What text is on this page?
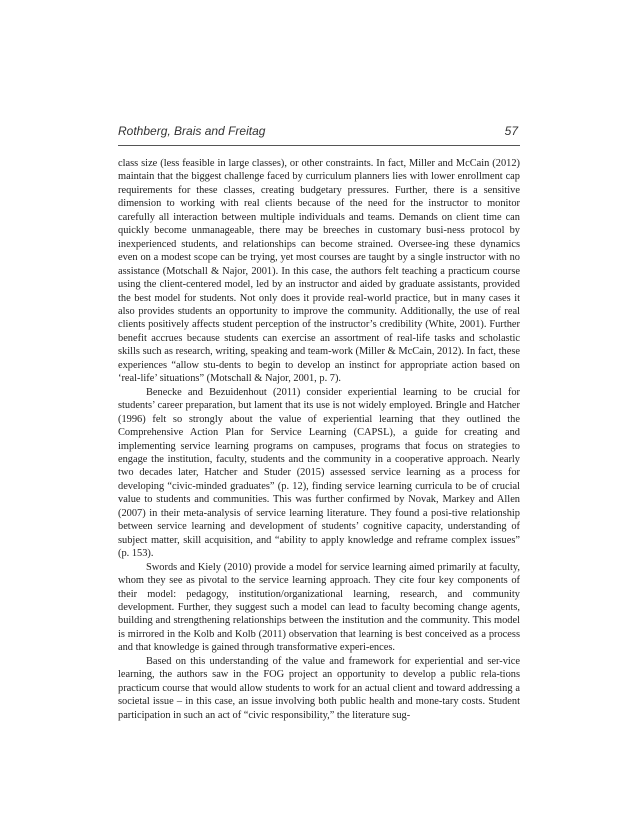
Rothberg, Brais and Freitag	57

class size (less feasible in large classes), or other constraints. In fact, Miller and McCain (2012) maintain that the biggest challenge faced by curriculum planners lies with lower enrollment cap requirements for these classes, creating budgetary pressures. Further, there is a sensitive dimension to working with real clients because of the need for the instructor to monitor carefully all interaction between multiple individuals and teams. Demands on client time can quickly become unmanageable, there may be breeches in customary busi-ness protocol by inexperienced students, and relationships can become strained. Oversee-ing these dynamics even on a modest scope can be trying, yet most courses are taught by a single instructor with no assistance (Motschall & Najor, 2001). In this case, the authors felt teaching a practicum course using the client-centered model, led by an instructor and aided by graduate assistants, provided the best model for students. Not only does it provide real-world practice, but in many cases it also provides students an opportunity to improve the community. Additionally, the use of real clients positively affects student perception of the instructor’s credibility (White, 2001). Further benefit accrues because students can exercise an assortment of real-life tasks and scholastic skills such as research, writing, speaking and team-work (Miller & McCain, 2012). In fact, these experiences “allow stu-dents to begin to develop an instinct for appropriate action based on ‘real-life’ situations” (Motschall & Najor, 2001, p. 7).

Benecke and Bezuidenhout (2011) consider experiential learning to be crucial for students’ career preparation, but lament that its use is not widely employed. Bringle and Hatcher (1996) felt so strongly about the value of experiential learning that they outlined the Comprehensive Action Plan for Service Learning (CAPSL), a guide for creating and implementing service learning programs on campuses, programs that focus on strategies to engage the institution, faculty, students and the community in a cooperative approach. Nearly two decades later, Hatcher and Studer (2015) assessed service learning as a process for developing “civic-minded graduates” (p. 12), finding service learning curricula to be of crucial value to students and communities. This was further confirmed by Novak, Markey and Allen (2007) in their meta-analysis of service learning literature. They found a posi-tive relationship between service learning and development of students’ cognitive capacity, understanding of subject matter, skill acquisition, and “ability to apply knowledge and reframe complex issues” (p. 153).

Swords and Kiely (2010) provide a model for service learning aimed primarily at faculty, whom they see as pivotal to the service learning approach. They cite four key components of their model: pedagogy, institution/organizational learning, research, and community development. Further, they suggest such a model can lead to faculty becoming change agents, building and strengthening relationships between the institution and the community. This model is mirrored in the Kolb and Kolb (2011) observation that learning is best conceived as a process and that knowledge is gained through transformative experi-ences.

Based on this understanding of the value and framework for experiential and ser-vice learning, the authors saw in the FOG project an opportunity to develop a public rela-tions practicum course that would allow students to work for an actual client and toward addressing a societal issue – in this case, an issue involving both public health and mone-tary costs. Student participation in such an act of “civic responsibility,” the literature sug-
